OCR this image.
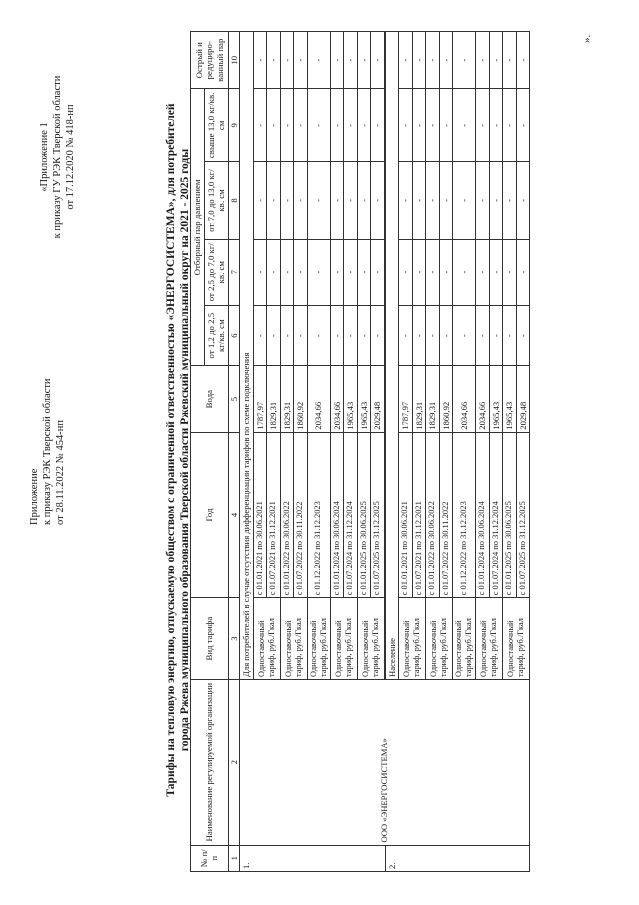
Приложение к приказу РЭК Тверской области от 28.11.2022 № 454-нп
«Приложение 1 к приказу ГУ РЭК Тверской области от 17.12.2020 № 418-нп	Тарифы на тепловую энергию, отпускаемую обществом с ограниченной ответственностью «ЭНЕРГОСИСТЕМА», для потребителей города Ржева муниципального образования Тверской области Ржевский муниципальный округ на 2021 - 2025 годы
№ п/ п	Наименование регулируемой организации	Вид тарифа	Год	Вода	Отборный пар давлением				Острый и редуциро-ванный пар
					от 1,2 до 2,5 кг/кв. см	от 2,5 до 7,0 кг/кв. см	от 7,0 до 13,0 кг/кв. см	свыше 13,0 кг/кв. см	
1	2	3	4	5	6	7	8	9	10
1.	ООО «ЭНЕРГОСИСТЕМА»	Для потребителей в случае отсутствия дифференциации тарифов по схеме подключения							
		Одноставочный тариф, руб./Гкал	с 01.01.2021 по 30.06.2021	1787,97	-	-	-	-	-
			с 01.07.2021 по 31.12.2021	1829,31	-	-	-	-	-
		Одноставочный тариф, руб./Гкал	с 01.01.2022 по 30.06.2022	1829,31	-	-	-	-	-
			с 01.07.2022 по 30.11.2022	1860,92	-	-	-	-	-
		Одноставочный тариф, руб./Гкал	с 01.12.2022 по 31.12.2023	2034,66	-	-	-	-	-
		Одноставочный тариф, руб./Гкал	с 01.01.2024 по 30.06.2024	2034,66	-	-	-	-	-
			с 01.07.2024 по 31.12.2024	1965,43	-	-	-	-	-
		Одноставочный тариф, руб./Гкал	с 01.01.2025 по 30.06.2025	1965,43	-	-	-	-	-
			с 01.07.2025 по 31.12.2025	2029,48	-	-	-	-	-

2.		Население							
		Одноставочный тариф, руб./Гкал	с 01.01.2021 по 30.06.2021	1787,97	-	-	-	-	-
			с 01.07.2021 по 31.12.2021	1829,31	-	-	-	-	-
		Одноставочный тариф, руб./Гкал	с 01.01.2022 по 30.06.2022	1829,31	-	-	-	-	-
			с 01.07.2022 по 30.11.2022	1860,92	-	-	-	-	-
		Одноставочный тариф, руб./Гкал	с 01.12.2022 по 31.12.2023	2034,66	-	-	-	-	-
		Одноставочный тариф, руб./Гкал	с 01.01.2024 по 30.06.2024	2034,66	-	-	-	-	-
			с 01.07.2024 по 31.12.2024	1965,43	-	-	-	-	-
		Одноставочный тариф, руб./Гкал	с 01.01.2025 по 30.06.2025	1965,43	-	-	-	-	-
			с 01.07.2025 по 31.12.2025	2029,48	-	-	-	-	-
».
